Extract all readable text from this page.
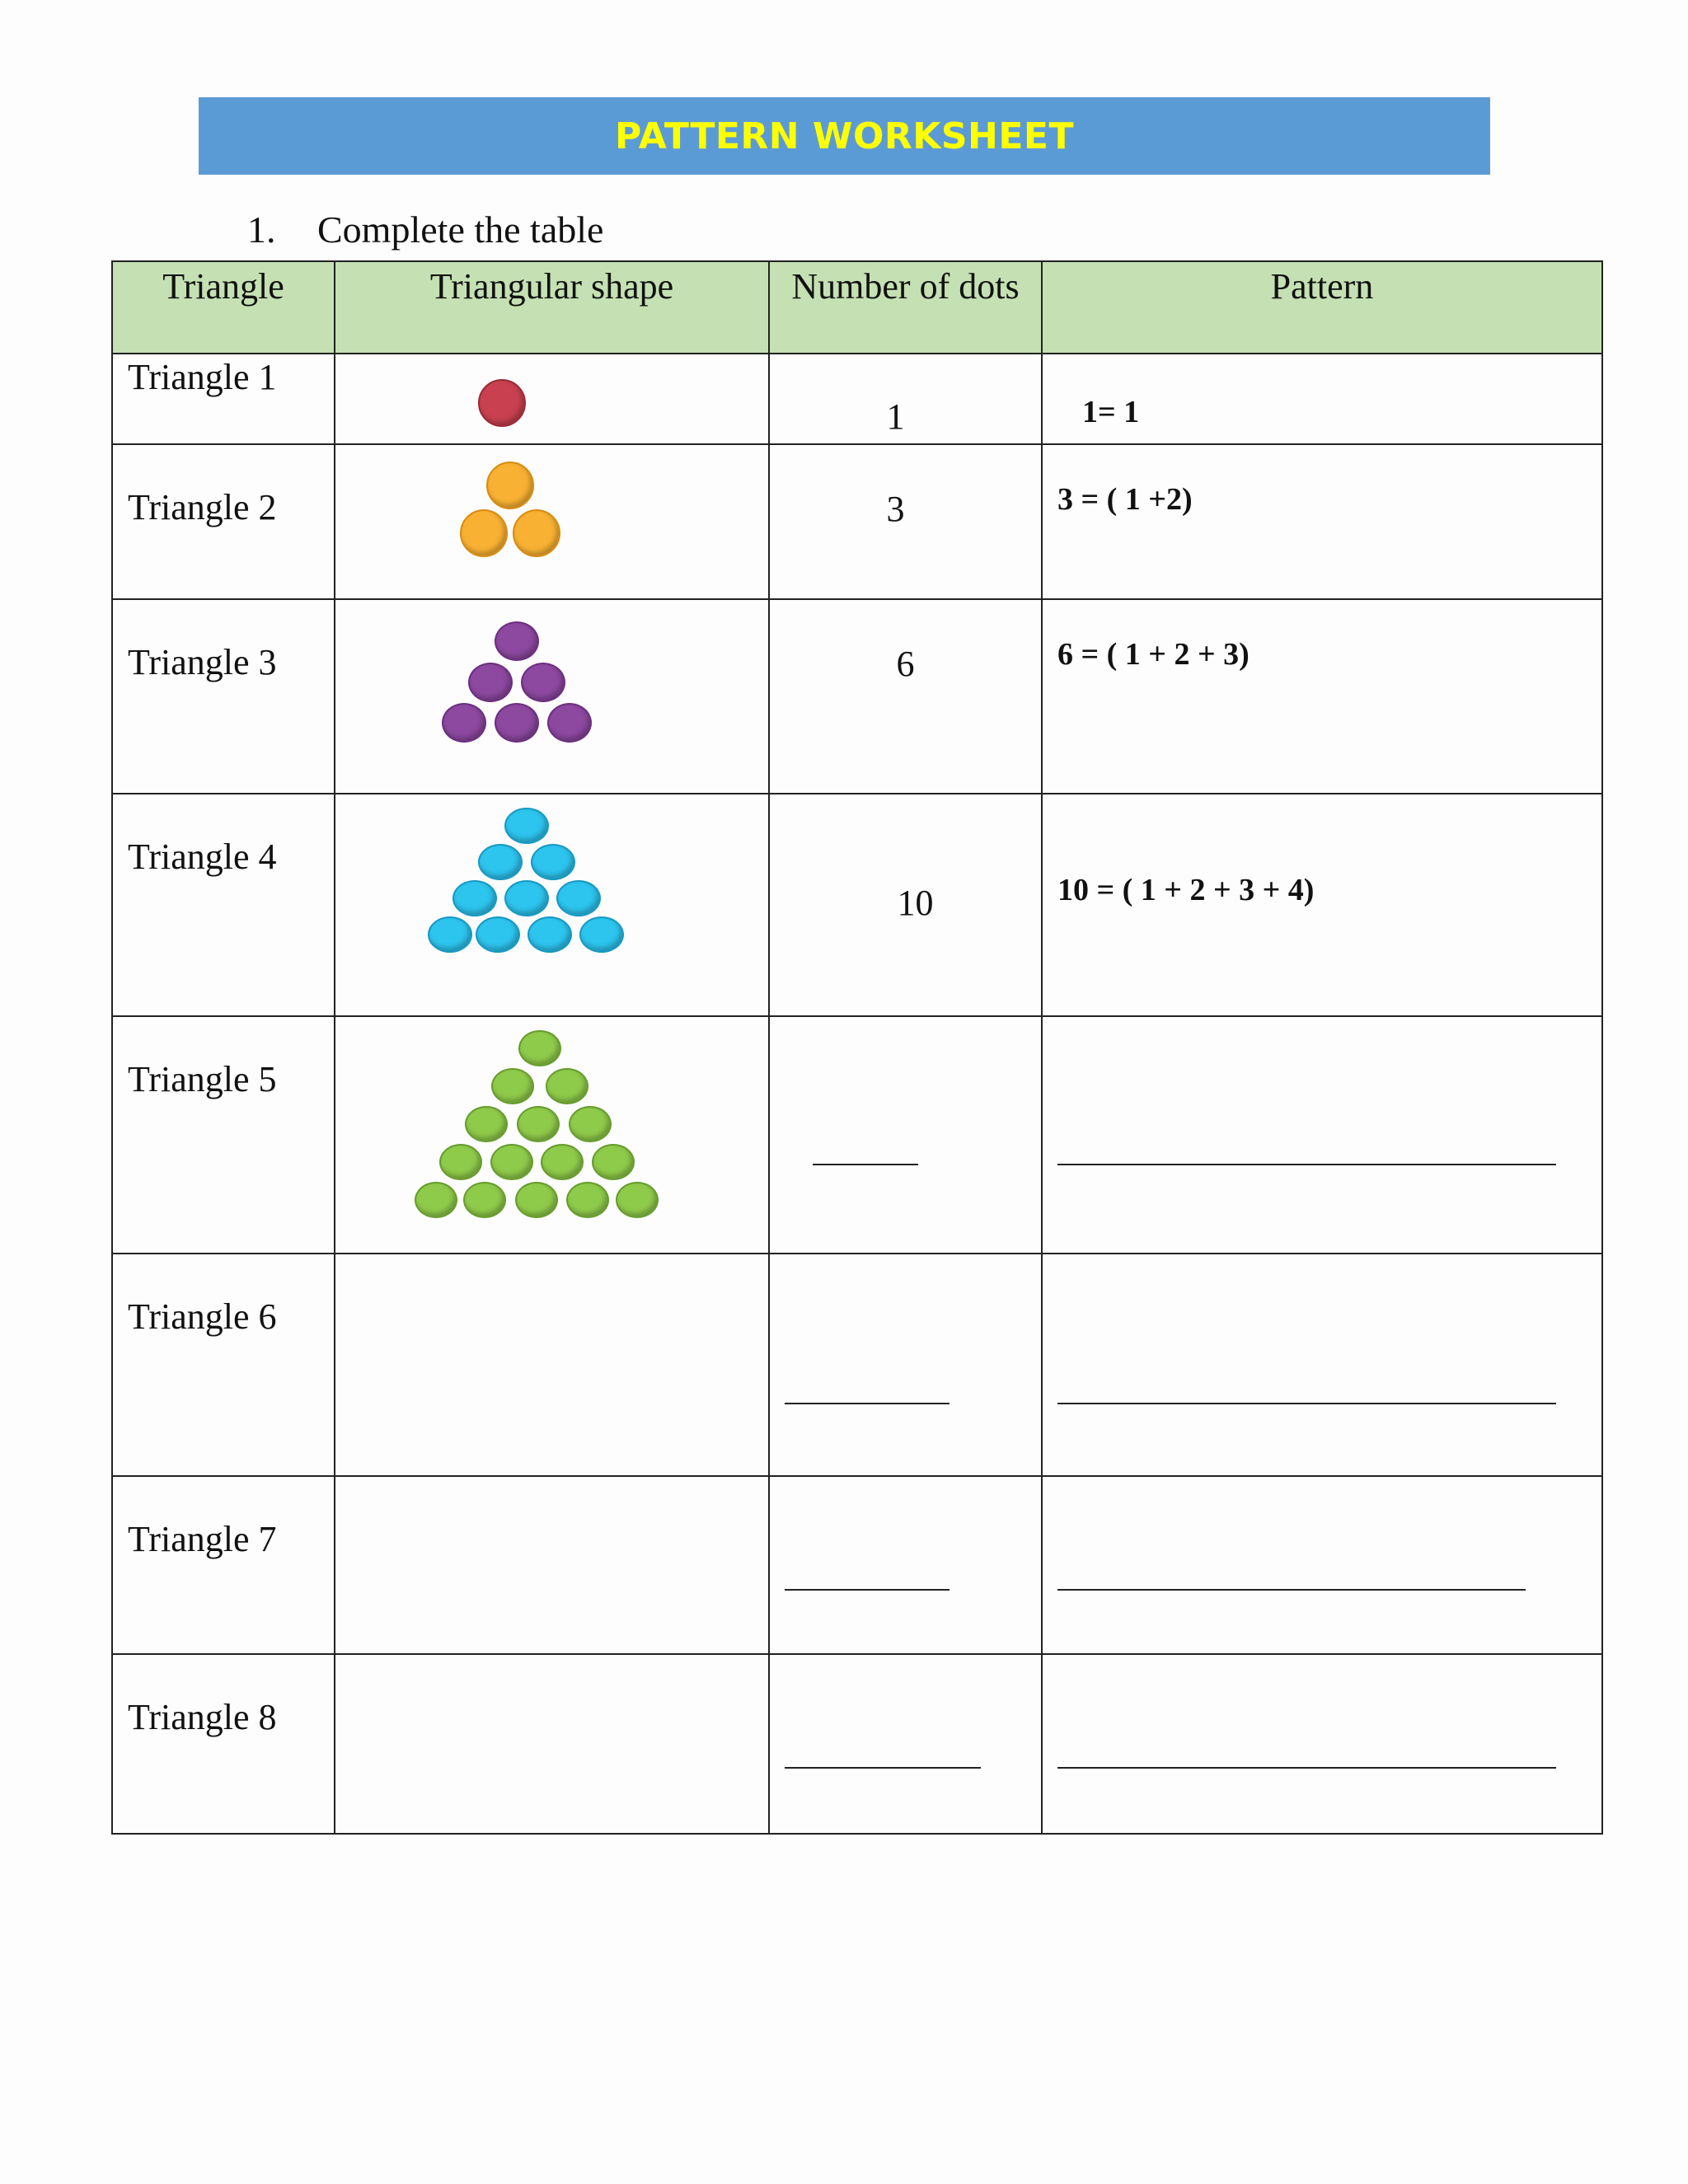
PATTERN WORKSHEET
1. Complete the table
Triangle	Triangular shape	Number of dots	Pattern

Triangle 1		1	1= 1

Triangle 2		3	3 = ( 1 +2)

Triangle 3		6	6 = ( 1 + 2 + 3)

Triangle 4		10	10 = ( 1 + 2 + 3 + 4)

Triangle 5			

Triangle 6			

Triangle 7			

Triangle 8			
